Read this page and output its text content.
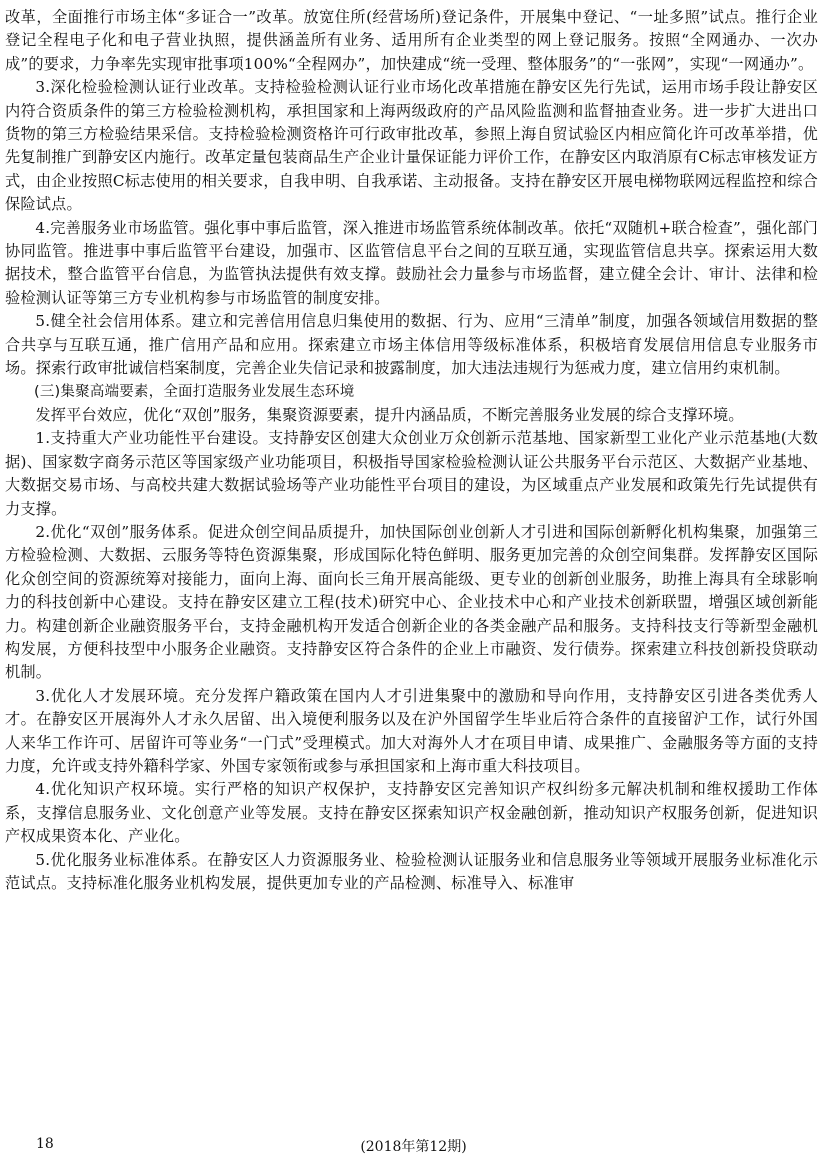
改革，全面推行市场主体“多证合一”改革。放宽住所(经营场所)登记条件，开展集中登记、“一址多照”试点。推行企业登记全程电子化和电子营业执照，提供涵盖所有业务、适用所有企业类型的网上登记服务。按照“全网通办、一次办成”的要求，力争率先实现审批事项100%“全程网办”，加快建成“统一受理、整体服务”的“一张网”，实现“一网通办”。

3.深化检验检测认证行业改革。支持检验检测认证行业市场化改革措施在静安区先行先试，运用市场手段让静安区内符合资质条件的第三方检验检测机构，承担国家和上海两级政府的产品风险监测和监督抽查业务。进一步扩大进出口货物的第三方检验结果采信。支持检验检测资格许可行政审批改革，参照上海自贸试验区内相应简化许可改革举措，优先复制推广到静安区内施行。改革定量包装商品生产企业计量保证能力评价工作，在静安区内取消原有C标志审核发证方式，由企业按照C标志使用的相关要求，自我申明、自我承诺、主动报备。支持在静安区开展电梯物联网远程监控和综合保险试点。

4.完善服务业市场监管。强化事中事后监管，深入推进市场监管系统体制改革。依托“双随机+联合检查”，强化部门协同监管。推进事中事后监管平台建设，加强市、区监管信息平台之间的互联互通，实现监管信息共享。探索运用大数据技术，整合监管平台信息，为监管执法提供有效支撑。鼓励社会力量参与市场监督，建立健全会计、审计、法律和检验检测认证等第三方专业机构参与市场监管的制度安排。

5.健全社会信用体系。建立和完善信用信息归集使用的数据、行为、应用“三清单”制度，加强各领域信用数据的整合共享与互联互通，推广信用产品和应用。探索建立市场主体信用等级标准体系，积极培育发展信用信息专业服务市场。探索行政审批诚信档案制度，完善企业失信记录和披露制度，加大违法违规行为惩戒力度，建立信用约束机制。

(三)集聚高端要素，全面打造服务业发展生态环境

发挥平台效应，优化“双创”服务，集聚资源要素，提升内涵品质，不断完善服务业发展的综合支撑环境。

1.支持重大产业功能性平台建设。支持静安区创建大众创业万众创新示范基地、国家新型工业化产业示范基地(大数据)、国家数字商务示范区等国家级产业功能项目，积极指导国家检验检测认证公共服务平台示范区、大数据产业基地、大数据交易市场、与高校共建大数据试验场等产业功能性平台项目的建设，为区域重点产业发展和政策先行先试提供有力支撑。

2.优化“双创”服务体系。促进众创空间品质提升，加快国际创业创新人才引进和国际创新孵化机构集聚，加强第三方检验检测、大数据、云服务等特色资源集聚，形成国际化特色鲜明、服务更加完善的众创空间集群。发挥静安区国际化众创空间的资源统筹对接能力，面向上海、面向长三角开展高能级、更专业的创新创业服务，助推上海具有全球影响力的科技创新中心建设。支持在静安区建立工程(技术)研究中心、企业技术中心和产业技术创新联盟，增强区域创新能力。构建创新企业融资服务平台，支持金融机构开发适合创新企业的各类金融产品和服务。支持科技支行等新型金融机构发展，方便科技型中小服务企业融资。支持静安区符合条件的企业上市融资、发行债券。探索建立科技创新投贷联动机制。

3.优化人才发展环境。充分发挥户籍政策在国内人才引进集聚中的激励和导向作用，支持静安区引进各类优秀人才。在静安区开展海外人才永久居留、出入境便利服务以及在沪外国留学生毕业后符合条件的直接留沪工作，试行外国人来华工作许可、居留许可等业务“一门式”受理模式。加大对海外人才在项目申请、成果推广、金融服务等方面的支持力度，允许或支持外籍科学家、外国专家领衔或参与承担国家和上海市重大科技项目。

4.优化知识产权环境。实行严格的知识产权保护，支持静安区完善知识产权纠纷多元解决机制和维权援助工作体系，支撑信息服务业、文化创意产业等发展。支持在静安区探索知识产权金融创新，推动知识产权服务创新，促进知识产权成果资本化、产业化。

5.优化服务业标准体系。在静安区人力资源服务业、检验检测认证服务业和信息服务业等领域开展服务业标准化示范试点。支持标准化服务业机构发展，提供更加专业的产品检测、标准导入、标准审

18	(2018年第12期)
